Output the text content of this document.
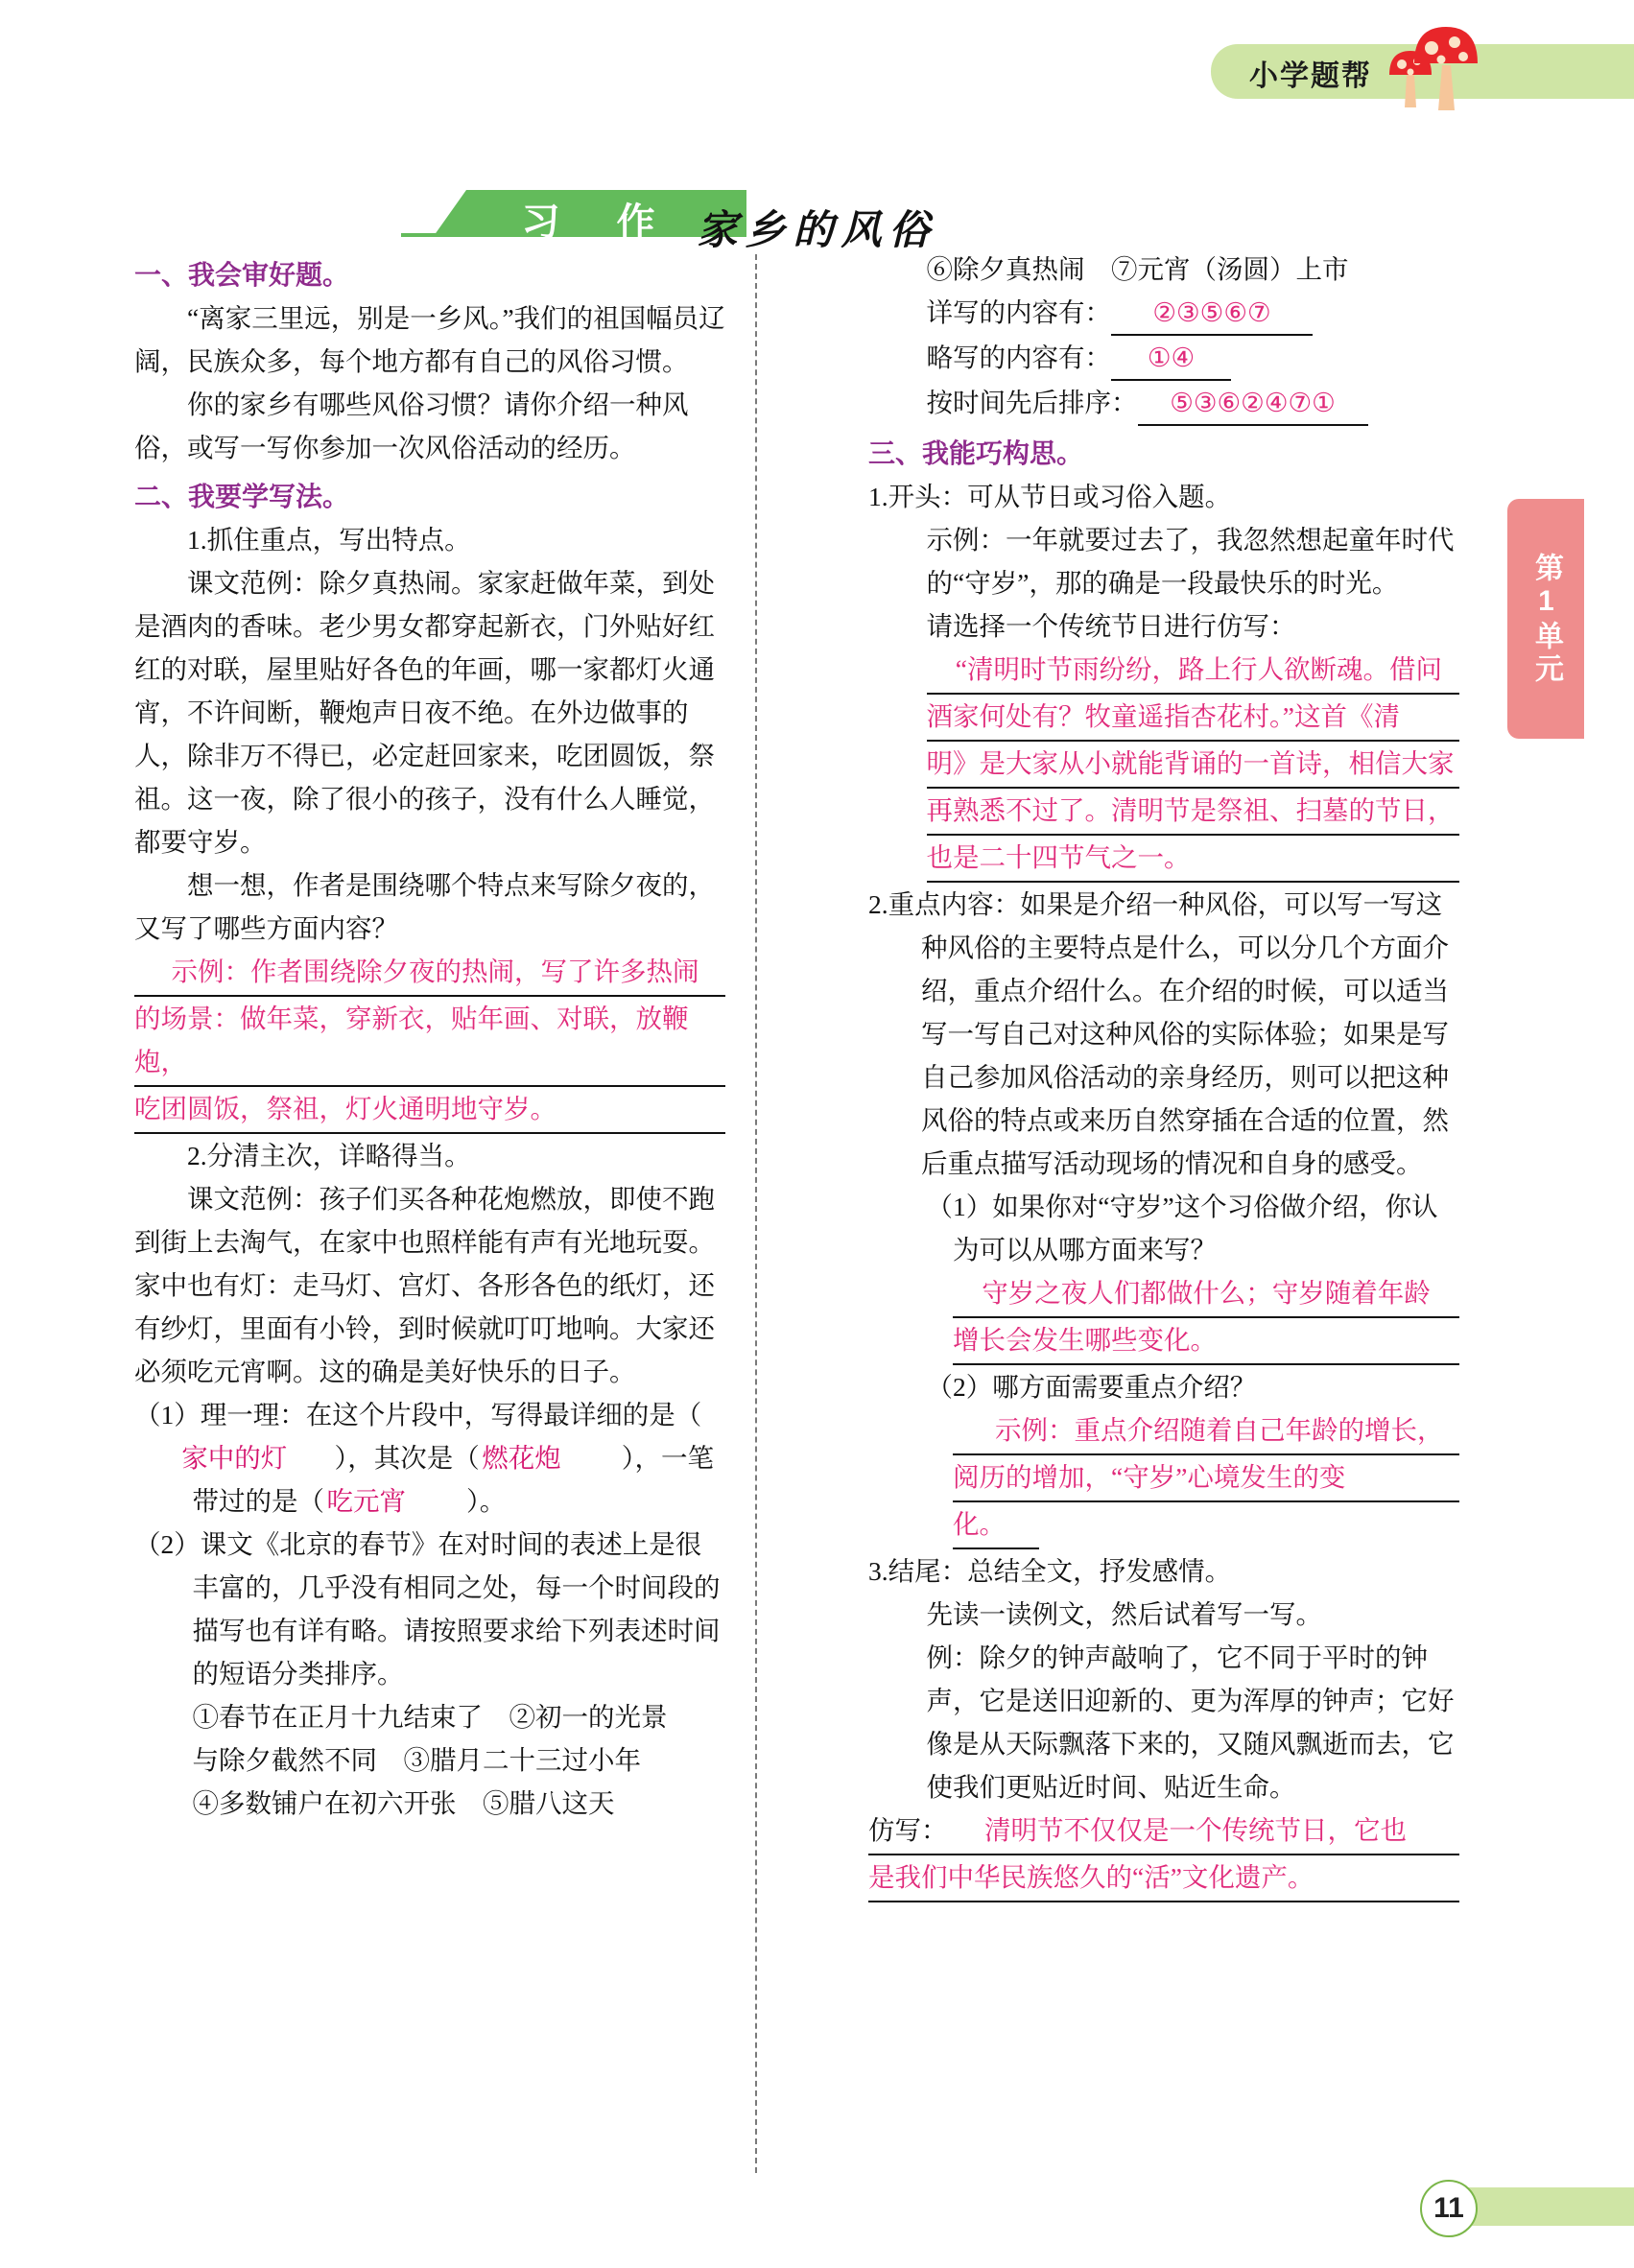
小学题帮
习 作 家乡的风俗
一、我会审好题。

“离家三里远，别是一乡风。”我们的祖国幅员辽阔，民族众多，每个地方都有自己的风俗习惯。

你的家乡有哪些风俗习惯？请你介绍一种风俗，或写一写你参加一次风俗活动的经历。

二、我要学写法。

1.抓住重点，写出特点。

课文范例：除夕真热闹。家家赶做年菜，到处是酒肉的香味。老少男女都穿起新衣，门外贴好红红的对联，屋里贴好各色的年画，哪一家都灯火通宵，不许间断，鞭炮声日夜不绝。在外边做事的人，除非万不得已，必定赶回家来，吃团圆饭，祭祖。这一夜，除了很小的孩子，没有什么人睡觉，都要守岁。

想一想，作者是围绕哪个特点来写除夕夜的，又写了哪些方面内容？

示例：作者围绕除夕夜的热闹，写了许多热闹
的场景：做年菜，穿新衣，贴年画、对联，放鞭炮，
吃团圆饭，祭祖，灯火通明地守岁。

2.分清主次，详略得当。

课文范例：孩子们买各种花炮燃放，即使不跑到街上去淘气，在家中也照样能有声有光地玩耍。家中也有灯：走马灯、宫灯、各形各色的纸灯，还有纱灯，里面有小铃，到时候就叮叮地响。大家还必须吃元宵啊。这的确是美好快乐的日子。

（1）理一理：在这个片段中，写得最详细的是（家中的灯 ），其次是（燃花炮 ），一笔带过的是（吃元宵 ）。

（2）课文《北京的春节》在对时间的表述上是很丰富的，几乎没有相同之处，每一个时间段的描写也有详有略。请按照要求给下列表述时间的短语分类排序。

①春节在正月十九结束了　②初一的光景

与除夕截然不同　③腊月二十三过小年

④多数铺户在初六开张　⑤腊八这天

⑥除夕真热闹　⑦元宵（汤圆）上市

详写的内容有： ②③⑤⑥⑦

略写的内容有： ①④

按时间先后排序： ⑤③⑥②④⑦①

三、我能巧构思。

1.开头：可从节日或习俗入题。

示例：一年就要过去了，我忽然想起童年时代的“守岁”，那的确是一段最快乐的时光。

请选择一个传统节日进行仿写：

“清明时节雨纷纷，路上行人欲断魂。借问
酒家何处有？牧童遥指杏花村。”这首《清
明》是大家从小就能背诵的一首诗，相信大家
再熟悉不过了。清明节是祭祖、扫墓的节日，
也是二十四节气之一。

2.重点内容：如果是介绍一种风俗，可以写一写这种风俗的主要特点是什么，可以分几个方面介绍，重点介绍什么。在介绍的时候，可以适当写一写自己对这种风俗的实际体验；如果是写自己参加风俗活动的亲身经历，则可以把这种风俗的特点或来历自然穿插在合适的位置，然后重点描写活动现场的情况和自身的感受。

（1）如果你对“守岁”这个习俗做介绍，你认为可以从哪方面来写？

守岁之夜人们都做什么；守岁随着年龄
增长会发生哪些变化。

（2）哪方面需要重点介绍？

示例：重点介绍随着自己年龄的增长，
阅历的增加，“守岁”心境发生的变
化。

3.结尾：总结全文，抒发感情。

先读一读例文，然后试着写一写。

例：除夕的钟声敲响了，它不同于平时的钟声，它是送旧迎新的、更为浑厚的钟声；它好像是从天际飘落下来的，又随风飘逝而去，它使我们更贴近时间、贴近生命。

仿写： 清明节不仅仅是一个传统节日，它也
是我们中华民族悠久的“活”文化遗产。
第1单元
11
